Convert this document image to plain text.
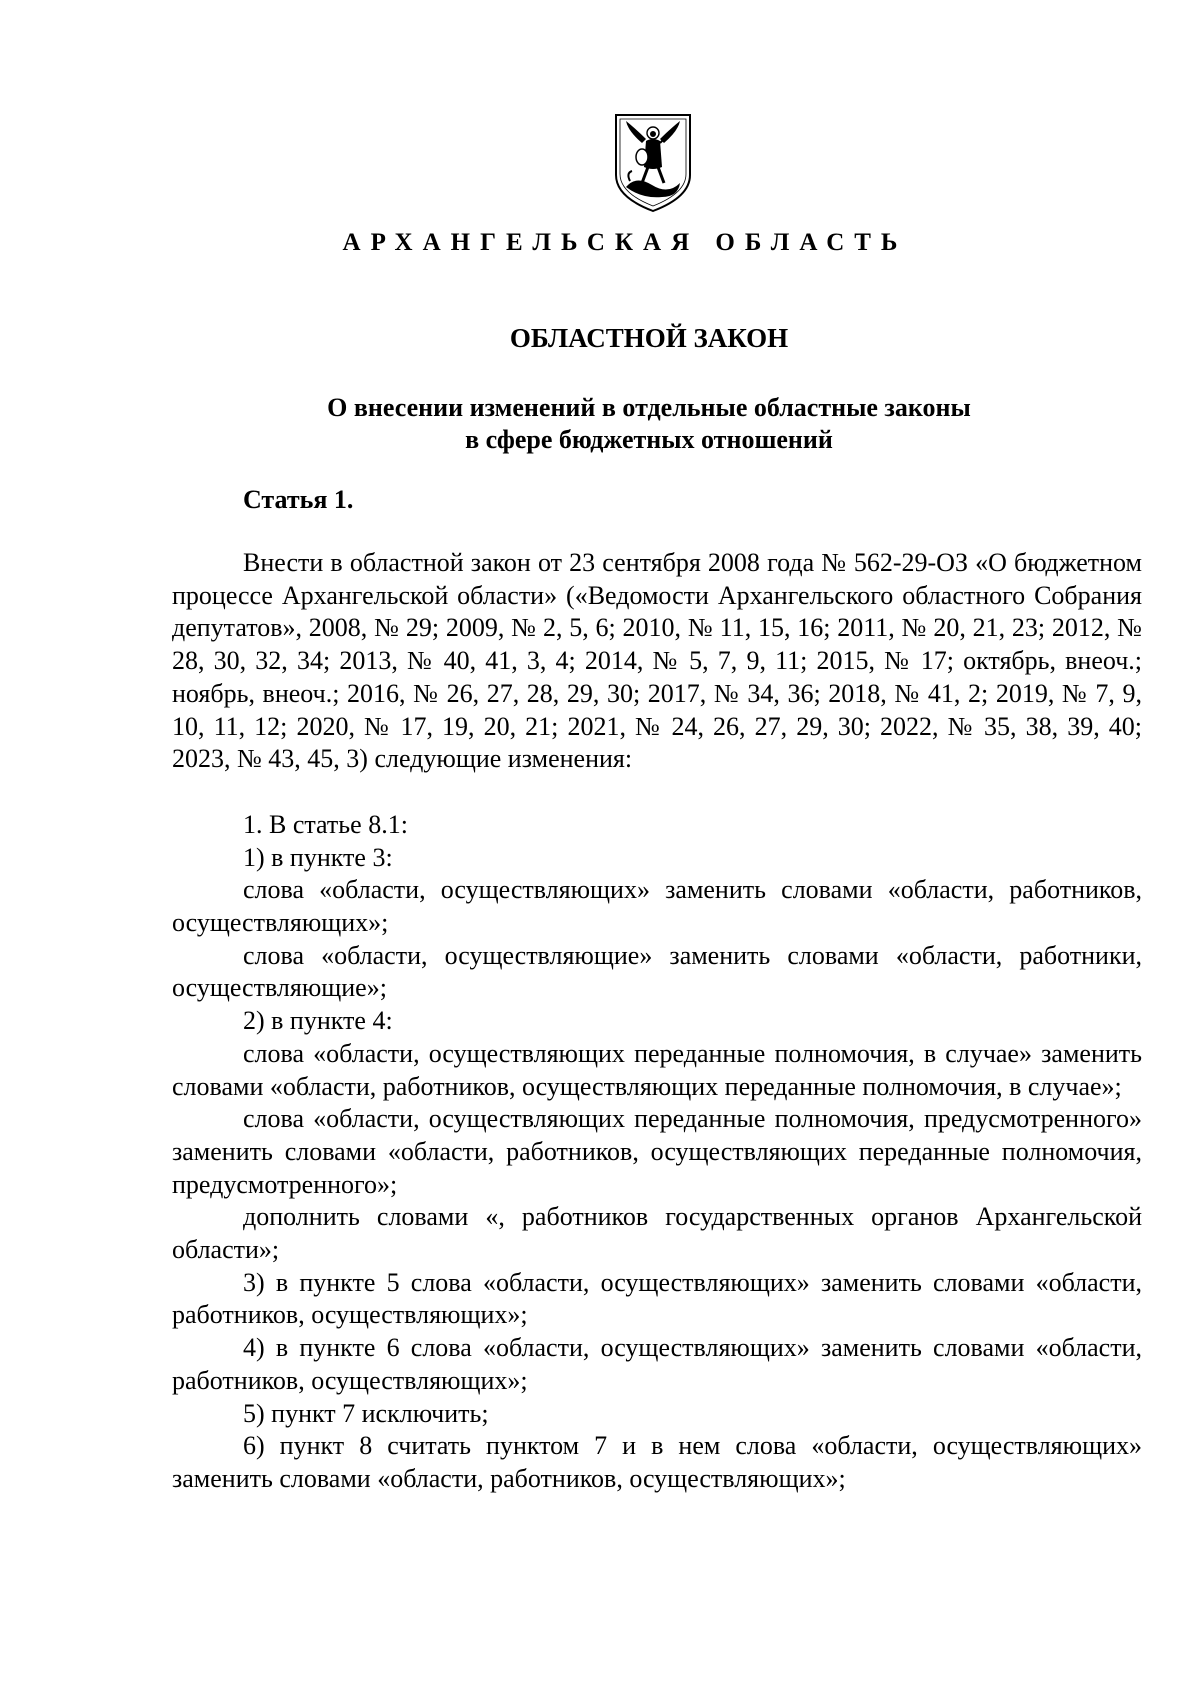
АРХАНГЕЛЬСКАЯ ОБЛАСТЬ
ОБЛАСТНОЙ ЗАКОН
О внесении изменений в отдельные областные законы
в сфере бюджетных отношений
Статья 1.

Внести в областной закон от 23 сентября 2008 года № 562-29-ОЗ «О бюджетном процессе Архангельской области» («Ведомости Архангельского областного Собрания депутатов», 2008, № 29; 2009, № 2, 5, 6; 2010, № 11, 15, 16; 2011, № 20, 21, 23; 2012, № 28, 30, 32, 34; 2013, № 40, 41, 3, 4; 2014, № 5, 7, 9, 11; 2015, № 17; октябрь, внеоч.; ноябрь, внеоч.; 2016, № 26, 27, 28, 29, 30; 2017, № 34, 36; 2018, № 41, 2; 2019, № 7, 9, 10, 11, 12; 2020, № 17, 19, 20, 21; 2021, № 24, 26, 27, 29, 30; 2022, № 35, 38, 39, 40; 2023, № 43, 45, 3) следующие изменения:

1. В статье 8.1:

1) в пункте 3:

слова «области, осуществляющих» заменить словами «области, работников, осуществляющих»;

слова «области, осуществляющие» заменить словами «области, работники, осуществляющие»;

2) в пункте 4:

слова «области, осуществляющих переданные полномочия, в случае» заменить словами «области, работников, осуществляющих переданные полномочия, в случае»;

слова «области, осуществляющих переданные полномочия, предусмотренного» заменить словами «области, работников, осуществляющих переданные полномочия, предусмотренного»;

дополнить словами «, работников государственных органов Архангельской области»;

3) в пункте 5 слова «области, осуществляющих» заменить словами «области, работников, осуществляющих»;

4) в пункте 6 слова «области, осуществляющих» заменить словами «области, работников, осуществляющих»;

5) пункт 7 исключить;

6) пункт 8 считать пунктом 7 и в нем слова «области, осуществляющих» заменить словами «области, работников, осуществляющих»;
